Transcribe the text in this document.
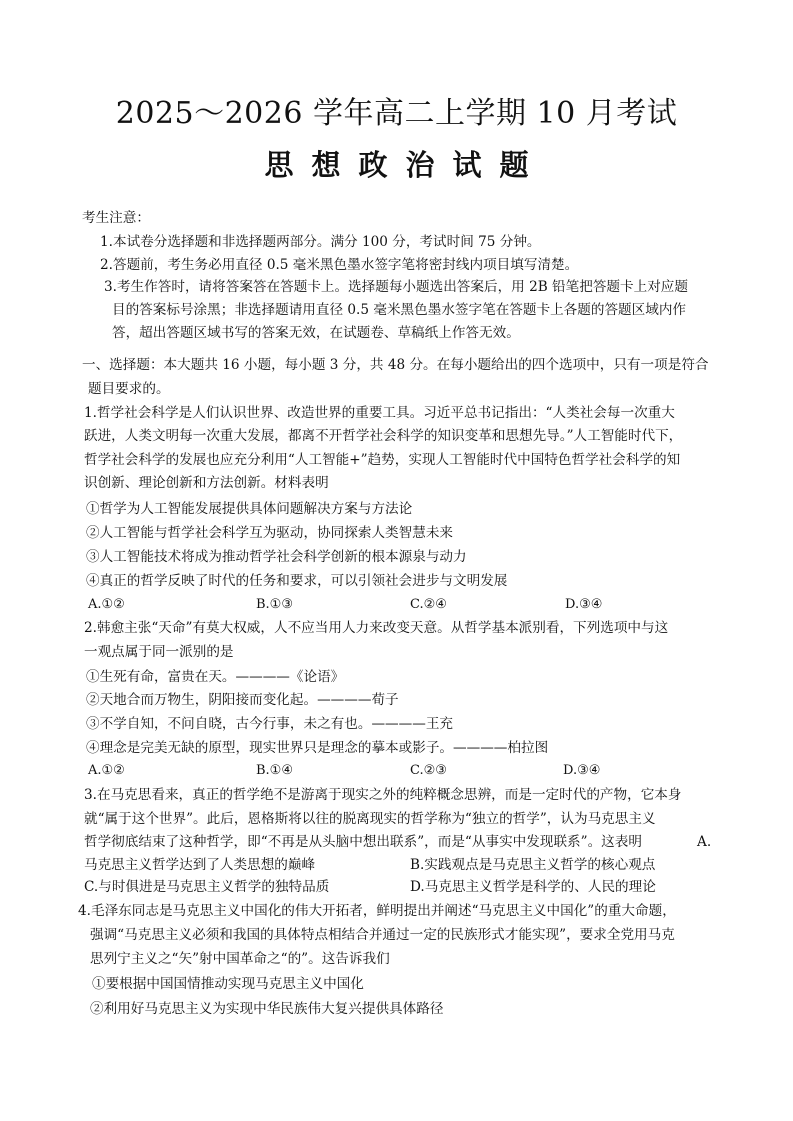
2025～2026 学年高二上学期 10 月考试
思想政治试题
考生注意：
1.本试卷分选择题和非选择题两部分。满分 100 分，考试时间 75 分钟。
2.答题前，考生务必用直径 0.5 毫米黑色墨水签字笔将密封线内项目填写清楚。
3.考生作答时，请将答案答在答题卡上。选择题每小题选出答案后，用 2B 铅笔把答题卡上对应题
目的答案标号涂黑；非选择题请用直径 0.5 毫米黑色墨水签字笔在答题卡上各题的答题区域内作
答，超出答题区域书写的答案无效，在试题卷、草稿纸上作答无效。
一、选择题：本大题共 16 小题，每小题 3 分，共 48 分。在每小题给出的四个选项中，只有一项是符合
题目要求的。
1.哲学社会科学是人们认识世界、改造世界的重要工具。习近平总书记指出：“人类社会每一次重大
跃进，人类文明每一次重大发展，都离不开哲学社会科学的知识变革和思想先导。”人工智能时代下，
哲学社会科学的发展也应充分利用“人工智能+”趋势，实现人工智能时代中国特色哲学社会科学的知
识创新、理论创新和方法创新。材料表明
①哲学为人工智能发展提供具体问题解决方案与方法论
②人工智能与哲学社会科学互为驱动，协同探索人类智慧未来
③人工智能技术将成为推动哲学社会科学创新的根本源泉与动力
④真正的哲学反映了时代的任务和要求，可以引领社会进步与文明发展
A.①②	B.①③	C.②④	D.③④
2.韩愈主张“天命”有莫大权威，人不应当用人力来改变天意。从哲学基本派别看，下列选项中与这
一观点属于同一派别的是
①生死有命，富贵在天。————《论语》
②天地合而万物生，阴阳接而变化起。————荀子
③不学自知，不问自晓，古今行事，未之有也。————王充
④理念是完美无缺的原型，现实世界只是理念的摹本或影子。————柏拉图
A.①②	B.①④	C.②③	D.③④
3.在马克思看来，真正的哲学绝不是游离于现实之外的纯粹概念思辨，而是一定时代的产物，它本身
就“属于这个世界”。此后，恩格斯将以往的脱离现实的哲学称为“独立的哲学”，认为马克思主义
哲学彻底结束了这种哲学，即“不再是从头脑中想出联系”，而是“从事实中发现联系”。这表明	A.
马克思主义哲学达到了人类思想的巅峰	B.实践观点是马克思主义哲学的核心观点
C.与时俱进是马克思主义哲学的独特品质	D.马克思主义哲学是科学的、人民的理论
4.毛泽东同志是马克思主义中国化的伟大开拓者，鲜明提出并阐述“马克思主义中国化”的重大命题，
强调“马克思主义必须和我国的具体特点相结合并通过一定的民族形式才能实现”，要求全党用马克
思列宁主义之“矢”射中国革命之“的”。这告诉我们
①要根据中国国情推动实现马克思主义中国化
②利用好马克思主义为实现中华民族伟大复兴提供具体路径
